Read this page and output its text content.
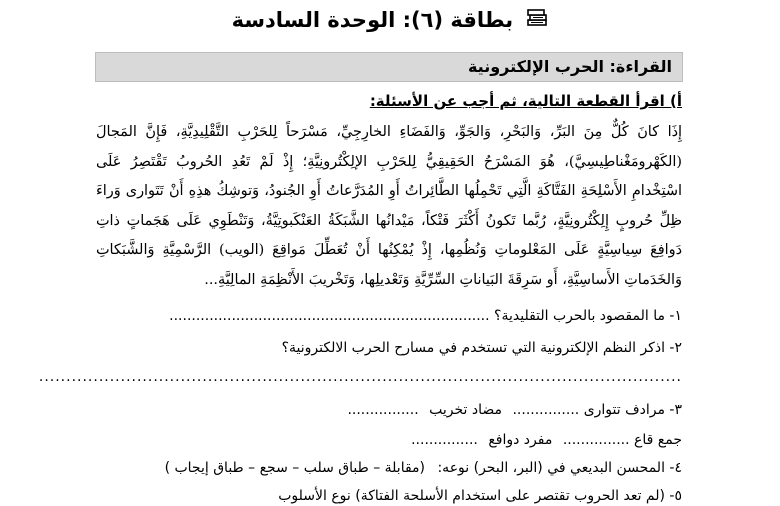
بطاقة (٦): الوحدة السادسة
القراءة: الحرب الإلكترونية
أ) اقرأ القطعة التالية، ثم أجب عن الأسئلة:
إِذَا كانَ كُلٌّ مِنَ البَرِّ، وَالبَحْرِ، وَالجَوِّ، وَالفَضَاءِ الخارِجِيِّ، مَسْرَحاً لِلحَرْبِ التَّقْلِيدِيَّةِ، فَإِنَّ المَجالَ (الكَهْرومَغْناطِيسِيَّ)، هُوَ المَسْرَحُ الحَقِيقِيُّ لِلحَرْبِ الإلِكْتُرونِيَّةِ؛ إِذْ لَمْ تَعُدِ الحُروبُ تَقْتَصِرُ عَلَى اسْتِخْدامِ الأَسْلِحَةِ الفَتَّاكَةِ الَّتِي تَحْمِلُها الطَّائِراتُ أَوِ المُدَرَّعاتُ أَوِ الجُنودُ، وَتوشِكُ هذِهِ أَنْ تَتَوارى وَراءَ ظِلِّ حُروبٍ إِلِكْتُرونِيَّةٍ، رُبَّما تَكونُ أَكْثَرَ فَتْكاً، مَيْدانُها الشَّبَكَةُ العَنْكَبوتِيَّةُ، وَتَنْطَوِي عَلَى هَجَماتٍ ذاتِ دَوافِعَ سِياسِيَّةٍ عَلَى المَعْلوماتِ وَنُظُمِها، إِذْ يُمْكِنُها أَنْ تُعَطِّلَ مَواقِعَ (الويب) الرَّسْمِيَّةِ وَالشَّبَكاتِ وَالخَدَماتِ الأَساسِيَّةِ، أَو سَرِقَةَ البَياناتِ السِّرِّيَّةِ وَتَعْديلِها، وَتَخْريبَ الأَنْظِمَةِ المالِيَّةِ...
١- ما المقصود بالحرب التقليدية؟ ........................................................................
٢- اذكر النظم الإلكترونية التي تستخدم في مسارح الحرب الالكترونية؟
......................................................................................................................
٣- مرادف تتوارى ............... مضاد تخريب ................
جمع قاع ............... مفرد دوافع ...............
٤- المحسن البديعي في (البر، البحر) نوعه: (مقابلة – طباق سلب – سجع – طباق إيجاب )
٥- (لم تعد الحروب تقتصر على استخدام الأسلحة الفتاكة) نوع الأسلوب
